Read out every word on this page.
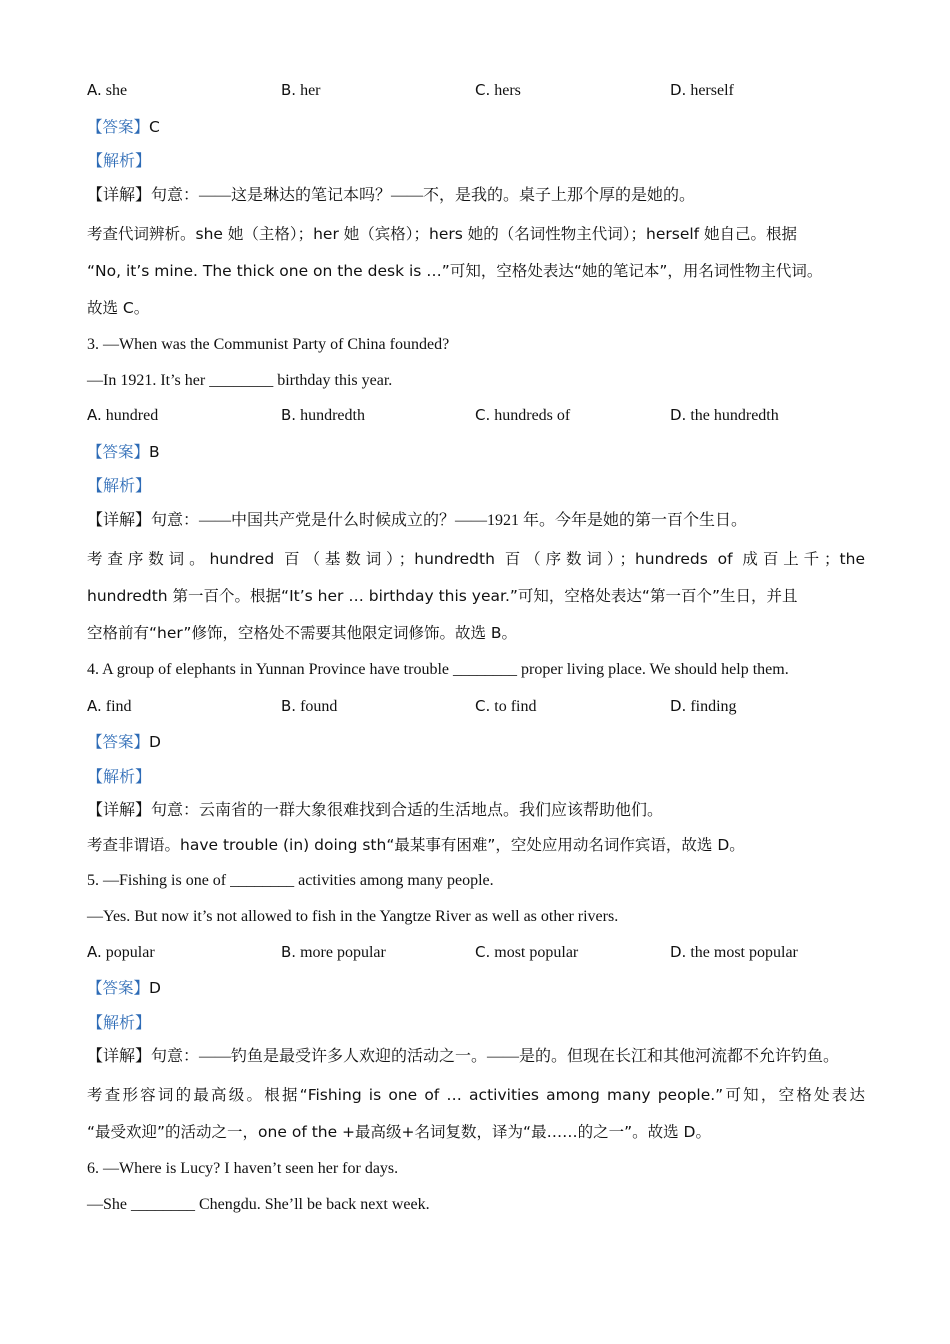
A. she	B. her	C. hers	D. herself
【答案】C
【解析】
【详解】句意：——这是琳达的笔记本吗？——不，是我的。桌子上那个厚的是她的。
考查代词辨析。she 她（主格）；her 她（宾格）；hers 她的（名词性物主代词）；herself 她自己。根据
“No, it’s mine. The thick one on the desk is …”可知，空格处表达“她的笔记本”，用名词性物主代词。
故选 C。
3. —When was the Communist Party of China founded?
—In 1921. It’s her ________ birthday this year.
A. hundred	B. hundredth	C. hundreds of	D. the hundredth
【答案】B
【解析】
【详解】句意：——中国共产党是什么时候成立的？——1921 年。今年是她的第一百个生日。
考查序数词。hundred 百（基数词）；hundredth 百（序数词）；hundreds of 成百上千；the
hundredth 第一百个。根据“It’s her … birthday this year.”可知，空格处表达“第一百个”生日，并且
空格前有“her”修饰，空格处不需要其他限定词修饰。故选 B。
4. A group of elephants in Yunnan Province have trouble ________ proper living place. We should help them.
A. find	B. found	C. to find	D. finding
【答案】D
【解析】
【详解】句意：云南省的一群大象很难找到合适的生活地点。我们应该帮助他们。
考查非谓语。have trouble (in) doing sth“最某事有困难”，空处应用动名词作宾语，故选 D。
5. —Fishing is one of ________ activities among many people.
—Yes. But now it’s not allowed to fish in the Yangtze River as well as other rivers.
A. popular	B. more popular	C. most popular	D. the most popular
【答案】D
【解析】
【详解】句意：——钓鱼是最受许多人欢迎的活动之一。——是的。但现在长江和其他河流都不允许钓鱼。
考查形容词的最高级。根据“Fishing is one of … activities among many people.”可知，空格处表达
“最受欢迎”的活动之一，one of the +最高级+名词复数，译为“最……的之一”。故选 D。
6. —Where is Lucy? I haven’t seen her for days.
—She ________ Chengdu. She’ll be back next week.
